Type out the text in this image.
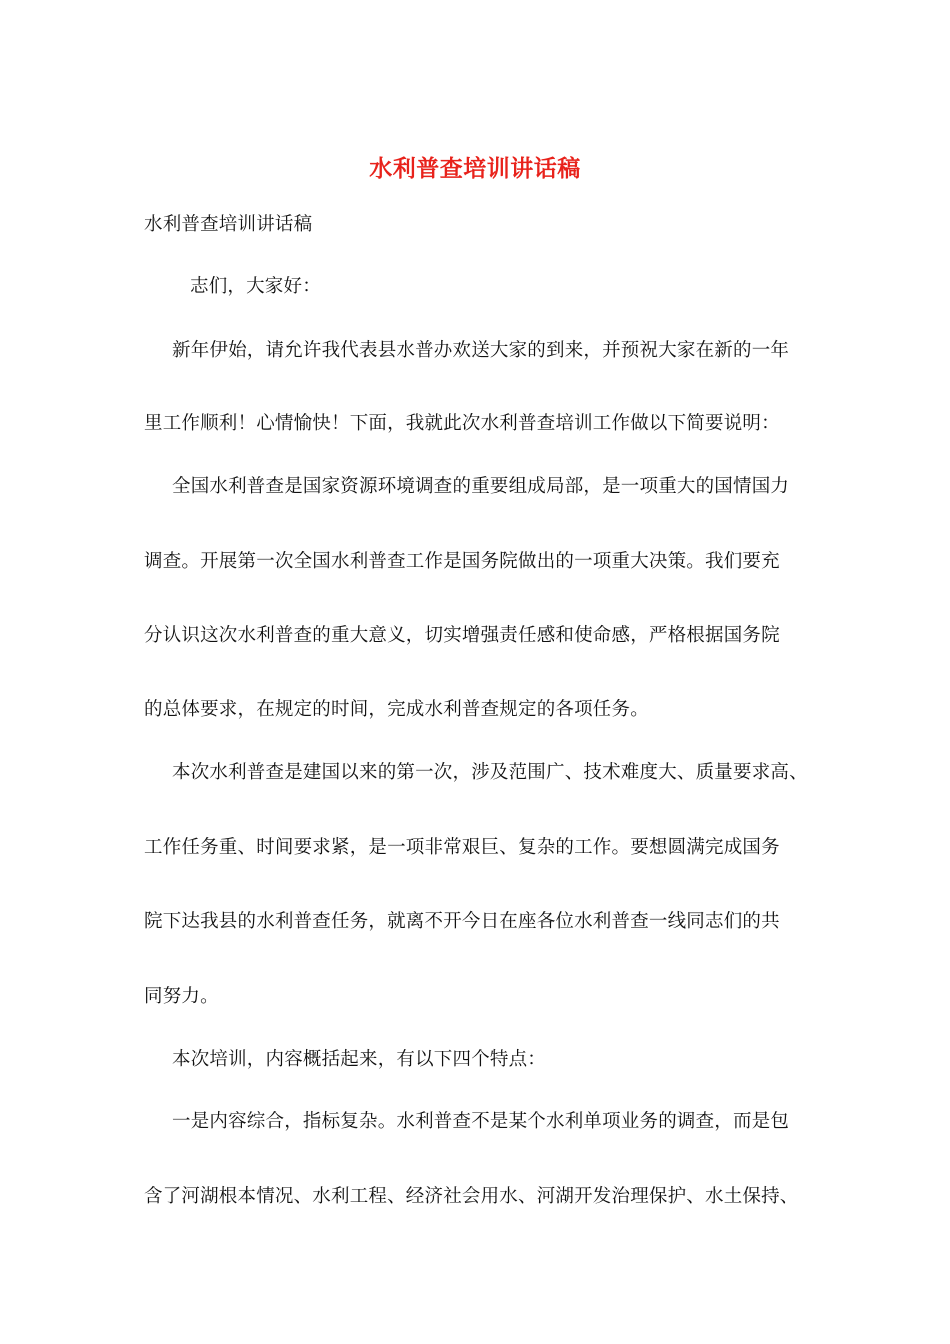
水利普查培训讲话稿
水利普查培训讲话稿
志们，大家好：
新年伊始，请允许我代表县水普办欢送大家的到来，并预祝大家在新的一年
里工作顺利！心情愉快！下面，我就此次水利普查培训工作做以下简要说明：
全国水利普查是国家资源环境调查的重要组成局部，是一项重大的国情国力
调查。开展第一次全国水利普查工作是国务院做出的一项重大决策。我们要充
分认识这次水利普查的重大意义，切实增强责任感和使命感，严格根据国务院
的总体要求，在规定的时间，完成水利普查规定的各项任务。
本次水利普查是建国以来的第一次，涉及范围广、技术难度大、质量要求高、
工作任务重、时间要求紧，是一项非常艰巨、复杂的工作。要想圆满完成国务
院下达我县的水利普查任务，就离不开今日在座各位水利普查一线同志们的共
同努力。
本次培训，内容概括起来，有以下四个特点：
一是内容综合，指标复杂。水利普查不是某个水利单项业务的调查，而是包
含了河湖根本情况、水利工程、经济社会用水、河湖开发治理保护、水土保持、
